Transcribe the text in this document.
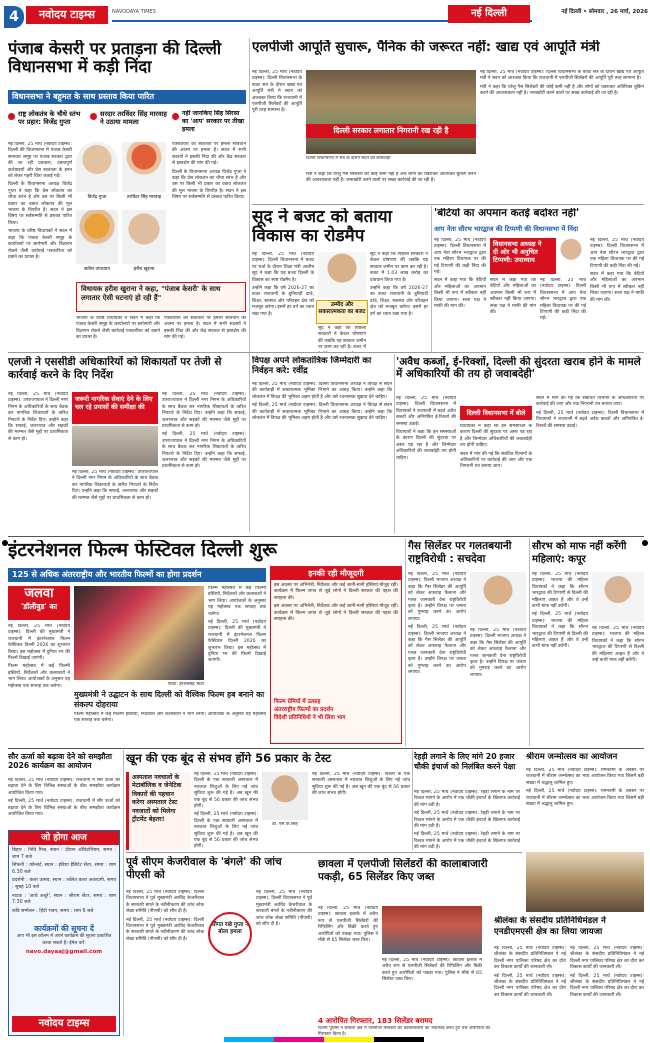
4	नवोदय टाइम्स	NAVODAYA TIMES	नई दिल्ली	नई दिल्ली • सोमवार , 26 मार्च, 2026
पंजाब केसरी पर प्रताड़ना की दिल्ली विधानसभा में कड़ी निंदा
विधानसभा ने बहुमत के साथ प्रस्ताव किया पारित
राष्ट्र लोकतंत्र के चौथे स्तंभ पर प्रहार: विजेंद्र गुप्ता
सरदार तरविंदर सिंह मारवाह ने उठाया मामला
नहीं जानकिए सिंह सिरसा का 'आप' सरकार पर तीखा हमला

नई दिल्ली, 25 मार्च (नवोदय टाइम्स): दिल्ली की विधानसभा में पंजाब केसरी समाचार समूह पर पंजाब सरकार द्वारा की जा रही प्रताड़ना, दबावपूर्ण कार्रवाइयों और प्रेस स्वतंत्रता के हनन को लेकर गहरी चिंता जताई गई।

दिल्ली के विधानसभा अध्यक्ष विजेंद्र गुप्ता ने कहा कि प्रेस लोकतंत्र का चौथा स्तंभ है और उस पर किसी भी प्रकार का दबाव लोकतंत्र की मूल भावना के विपरीत है। सदन ने इस विषय पर सर्वसम्मति से प्रस्ताव पारित किया।

भाजपा के वरिष्ठ विधायकों ने सदन में कहा कि पंजाब केसरी समूह के कार्यालयों पर छापेमारी और विज्ञापन रोकने जैसी कार्रवाई पत्रकारिता को दबाने का प्रयास है।

विजेंद्र गुप्ता	तरविंदर सिंह मारवाह
सतीश उपाध्याय	हरीश खुराना

पत्रकारिता की स्वतंत्रता पर हमला संविधान की आत्मा पर हमला है। सदन में सभी सदस्यों ने इसकी निंदा की और केंद्र सरकार से हस्तक्षेप की मांग की गई।

दिल्ली के विधानसभा अध्यक्ष विजेंद्र गुप्ता ने कहा कि प्रेस लोकतंत्र का चौथा स्तंभ है और उस पर किसी भी प्रकार का दबाव लोकतंत्र की मूल भावना के विपरीत है। सदन ने इस विषय पर सर्वसम्मति से प्रस्ताव पारित किया।

विधायक हरीश खुराना ने कहा, "पंजाब केसरी' के साथ लगातार ऐसी घटनाएं हो रही हैं"

भाजपा के वरिष्ठ विधायकों ने सदन में कहा कि पंजाब केसरी समूह के कार्यालयों पर छापेमारी और विज्ञापन रोकने जैसी कार्रवाई पत्रकारिता को दबाने का प्रयास है।

पत्रकारिता की स्वतंत्रता पर हमला संविधान की आत्मा पर हमला है। सदन में सभी सदस्यों ने इसकी निंदा की और केंद्र सरकार से हस्तक्षेप की मांग की गई।

एलपीजी आपूर्ति सुचारू, पैनिक की जरूरत नहीं: खाद्य एवं आपूर्ति मंत्री

नई दिल्ली, 25 मार्च (नवोदय टाइम्स): दिल्ली विधानसभा के बजट सत्र के दौरान खाद्य एवं आपूर्ति मंत्री ने सदन को आश्वस्त किया कि राजधानी में एलपीजी सिलेंडरों की आपूर्ति पूरी तरह सामान्य है।

दिल्ली सरकार लगातार निगरानी रख रही है
दिल्ली विधानसभा में सत्र के दौरान सदन की कार्यवाही

मंत्री ने कहा कि घरेलू गैस सिलेंडरों की कोई कमी नहीं है और लोगों को घबराकर अतिरिक्त बुकिंग करने की आवश्यकता नहीं है। जमाखोरी करने वालों पर सख्त कार्रवाई की जा रही है।

नई दिल्ली, 25 मार्च (नवोदय टाइम्स): दिल्ली विधानसभा के बजट सत्र के दौरान खाद्य एवं आपूर्ति मंत्री ने सदन को आश्वस्त किया कि राजधानी में एलपीजी सिलेंडरों की आपूर्ति पूरी तरह सामान्य है।

मंत्री ने कहा कि घरेलू गैस सिलेंडरों की कोई कमी नहीं है और लोगों को घबराकर अतिरिक्त बुकिंग करने की आवश्यकता नहीं है। जमाखोरी करने वालों पर सख्त कार्रवाई की जा रही है।

सूद ने बजट को बताया विकास का रोडमैप

नई दिल्ली, 25 मार्च (नवोदय टाइम्स): दिल्ली विधानसभा में बजट पर चर्चा के दौरान शिक्षा मंत्री आशीष सूद ने कहा कि यह बजट दिल्ली के विकास का स्पष्ट रोडमैप है।

उन्होंने कहा कि वर्ष 2026-27 का बजट राजधानी के बुनियादी ढांचे, शिक्षा, स्वास्थ्य और परिवहन क्षेत्र को मजबूत करेगा। इसमें हर वर्ग का ध्यान रखा गया है।

उम्मीद और सकारात्मकता का बजट

सूद ने कहा कि पिछली सरकारों ने केवल घोषणाएं कीं जबकि यह सरकार जमीन पर काम कर रही है। बजट में

सूद ने कहा कि पिछली सरकारों ने केवल घोषणाएं कीं जबकि यह सरकार जमीन पर काम कर रही है। बजट में 1.03 लाख करोड़ का प्रावधान किया गया है।

उन्होंने कहा कि वर्ष 2026-27 का बजट राजधानी के बुनियादी ढांचे, शिक्षा, स्वास्थ्य और परिवहन क्षेत्र को मजबूत करेगा। इसमें हर वर्ग का ध्यान रखा गया है।

'बेटियों का अपमान कतई बर्दाश्त नहीं'
आप नेता सौरभ भारद्वाज की टिप्पणी की विधानसभा में निंदा

नई दिल्ली, 25 मार्च (नवोदय टाइम्स): दिल्ली विधानसभा में आप नेता सौरभ भारद्वाज द्वारा एक महिला विधायक पर की गई टिप्पणी की कड़ी निंदा की गई।

सदन में कहा गया कि बेटियों और महिलाओं का अपमान किसी भी रूप में स्वीकार नहीं किया जाएगा। सत्ता पक्ष ने माफी की मांग की।

विधानसभा अध्यक्ष ने दी ओर भी अनुचित टिप्पणी: उपाध्याय

सदन में कहा गया कि बेटियों और महिलाओं का अपमान किसी भी रूप में स्वीकार नहीं किया जाएगा। सत्ता पक्ष ने माफी की मांग की।

नई दिल्ली, 25 मार्च (नवोदय टाइम्स): दिल्ली विधानसभा में आप नेता सौरभ भारद्वाज द्वारा एक महिला विधायक पर की गई टिप्पणी की कड़ी निंदा की गई।

नई दिल्ली, 25 मार्च (नवोदय टाइम्स): दिल्ली विधानसभा में आप नेता सौरभ भारद्वाज द्वारा एक महिला विधायक पर की गई टिप्पणी की कड़ी निंदा की गई।

सदन में कहा गया कि बेटियों और महिलाओं का अपमान किसी भी रूप में स्वीकार नहीं किया जाएगा। सत्ता पक्ष ने माफी की मांग की।

विपक्ष अपने लोकतांत्रिक जिम्मेदारी का निर्वहन करे: रवींद्र

नई दिल्ली, 25 मार्च (नवोदय टाइम्स): दिल्ली विधानसभा अध्यक्ष ने विपक्ष से सदन की कार्यवाही में सकारात्मक भूमिका निभाने का आग्रह किया। उन्होंने कहा कि लोकतंत्र में विपक्ष की भूमिका अहम होती है और उसे रचनात्मक सुझाव देने चाहिए।

नई दिल्ली, 25 मार्च (नवोदय टाइम्स): दिल्ली विधानसभा अध्यक्ष ने विपक्ष से सदन की कार्यवाही में सकारात्मक भूमिका निभाने का आग्रह किया। उन्होंने कहा कि लोकतंत्र में विपक्ष की भूमिका अहम होती है और उसे रचनात्मक सुझाव देने चाहिए।

'अवैध कब्जों, ई-रिक्शों, दिल्ली की सुंदरता खराब होने के मामले में अधिकारियों की तय हो जवाबदेही'

नई दिल्ली, 25 मार्च (नवोदय टाइम्स): दिल्ली विधानसभा में विधायकों ने राजधानी में बढ़ते अवैध कब्जों और अनियंत्रित ई-रिक्शों की समस्या उठाई।

विधायकों ने कहा कि इन समस्याओं के कारण दिल्ली की सुंदरता पर असर पड़ रहा है और जिम्मेदार अधिकारियों की जवाबदेही तय होनी चाहिए।

दिल्ली विधानसभा में बोले

विधायकों ने कहा कि इन समस्याओं के कारण दिल्ली की सुंदरता पर असर पड़ रहा है और जिम्मेदार अधिकारियों की जवाबदेही तय होनी चाहिए।

सदन में मांग की गई कि संबंधित विभागों के अधिकारियों पर कार्रवाई की जाए और एक निगरानी तंत्र बनाया जाए।

सदन में मांग की गई कि संबंधित विभागों के अधिकारियों पर कार्रवाई की जाए और एक निगरानी तंत्र बनाया जाए।

नई दिल्ली, 25 मार्च (नवोदय टाइम्स): दिल्ली विधानसभा में विधायकों ने राजधानी में बढ़ते अवैध कब्जों और अनियंत्रित ई-रिक्शों की समस्या उठाई।

एलजी ने एससीडी अधिकारियों को शिकायतों पर तेजी से कार्रवाई करने के दिए निर्देश

नई दिल्ली, 25 मार्च (नवोदय टाइम्स): उपराज्यपाल ने दिल्ली नगर निगम के अधिकारियों के साथ बैठक कर नागरिक शिकायतों के त्वरित निपटारे के निर्देश दिए। उन्होंने कहा कि सफाई, जलभराव और सड़कों की मरम्मत जैसे मुद्दों पर प्राथमिकता से काम हो।

जरूरी नागरिक सेवाएं देने के लिए चल रहे प्रयासों की समीक्षा की

नई दिल्ली, 25 मार्च (नवोदय टाइम्स): उपराज्यपाल ने दिल्ली नगर निगम के अधिकारियों के साथ बैठक कर नागरिक शिकायतों के त्वरित निपटारे के निर्देश दिए। उन्होंने कहा कि सफाई, जलभराव और सड़कों की मरम्मत जैसे मुद्दों पर प्राथमिकता से काम हो।

नई दिल्ली, 25 मार्च (नवोदय टाइम्स): उपराज्यपाल ने दिल्ली नगर निगम के अधिकारियों के साथ बैठक कर नागरिक शिकायतों के त्वरित निपटारे के निर्देश दिए। उन्होंने कहा कि सफाई, जलभराव और सड़कों की मरम्मत जैसे मुद्दों पर प्राथमिकता से काम हो।

नई दिल्ली, 25 मार्च (नवोदय टाइम्स): उपराज्यपाल ने दिल्ली नगर निगम के अधिकारियों के साथ बैठक कर नागरिक शिकायतों के त्वरित निपटारे के निर्देश दिए। उन्होंने कहा कि सफाई, जलभराव और सड़कों की मरम्मत जैसे मुद्दों पर प्राथमिकता से काम हो।

इंटरनेशनल फिल्म फेस्टिवल दिल्ली शुरू
125 से अधिक अंतरराष्ट्रीय और भारतीय फिल्मों का होगा प्रदर्शन
जलवा
'डॉलीवुड' का

नई दिल्ली, 25 मार्च (नवोदय टाइम्स): दिल्ली की मुख्यमंत्री ने राजधानी में इंटरनेशनल फिल्म फेस्टिवल दिल्ली 2026 का शुभारंभ किया। इस महोत्सव में दुनिया भर की फिल्में दिखाई जाएंगी।

फिल्म महोत्सव में कई फिल्मी हस्तियों, निर्देशकों और कलाकारों ने भाग लिया। आयोजकों के अनुसार यह महोत्सव एक सप्ताह तक चलेगा।	फोटो: हरीशसिंह भाटी

फिल्म महोत्सव में कई फिल्मी हस्तियों, निर्देशकों और कलाकारों ने भाग लिया। आयोजकों के अनुसार यह महोत्सव एक सप्ताह तक चलेगा।

नई दिल्ली, 25 मार्च (नवोदय टाइम्स): दिल्ली की मुख्यमंत्री ने राजधानी में इंटरनेशनल फिल्म फेस्टिवल दिल्ली 2026 का शुभारंभ किया। इस महोत्सव में दुनिया भर की फिल्में दिखाई जाएंगी।

मुख्यमंत्री ने उद्घाटन के साथ दिल्ली को वैश्विक फिल्म हब बनाने का संकल्प दोहराया

फिल्म महोत्सव में कई फिल्मी हस्तियों, निर्देशकों और कलाकारों ने भाग लिया। आयोजकों के अनुसार यह महोत्सव एक सप्ताह तक चलेगा।

इनकी रही मौजूदगी

इस अवसर पर अभिनेत्री, निर्देशक और कई जानी-मानी हस्तियां मौजूद रहीं। कार्यक्रम में फिल्म जगत से जुड़े लोगों ने दिल्ली सरकार की पहल की सराहना की।

इस अवसर पर अभिनेत्री, निर्देशक और कई जानी-मानी हस्तियां मौजूद रहीं। कार्यक्रम में फिल्म जगत से जुड़े लोगों ने दिल्ली सरकार की पहल की सराहना की।

फिल्म प्रेमियों में उत्साह
अंतरराष्ट्रीय फिल्मों का प्रदर्शन
विदेशी प्रतिनिधियों ने भी लिया भाग
गैस सिलेंडर पर गलतबयानी राष्ट्रविरोधी : सचदेवा

नई दिल्ली, 25 मार्च (नवोदय टाइम्स): दिल्ली भाजपा अध्यक्ष ने कहा कि गैस सिलेंडर की आपूर्ति को लेकर अफवाह फैलाना और गलत जानकारी देना राष्ट्रविरोधी कृत्य है। उन्होंने विपक्ष पर जनता को गुमराह करने का आरोप लगाया।

नई दिल्ली, 25 मार्च (नवोदय टाइम्स): दिल्ली भाजपा अध्यक्ष ने कहा कि गैस सिलेंडर की आपूर्ति को लेकर अफवाह फैलाना और गलत जानकारी देना राष्ट्रविरोधी कृत्य है। उन्होंने विपक्ष पर जनता को गुमराह करने का आरोप लगाया।

नई दिल्ली, 25 मार्च (नवोदय टाइम्स): दिल्ली भाजपा अध्यक्ष ने कहा कि गैस सिलेंडर की आपूर्ति को लेकर अफवाह फैलाना और गलत जानकारी देना राष्ट्रविरोधी कृत्य है। उन्होंने विपक्ष पर जनता को गुमराह करने का आरोप लगाया।

सौरभ को माफ नहीं करेंगी महिलाएं: कपूर

नई दिल्ली, 25 मार्च (नवोदय टाइम्स): भाजपा की महिला विधायकों ने कहा कि सौरभ भारद्वाज की टिप्पणी से दिल्ली की महिलाएं आहत हैं और वे उन्हें कभी माफ नहीं करेंगी।

नई दिल्ली, 25 मार्च (नवोदय टाइम्स): भाजपा की महिला विधायकों ने कहा कि सौरभ भारद्वाज की टिप्पणी से दिल्ली की महिलाएं आहत हैं और वे उन्हें कभी माफ नहीं करेंगी।

नई दिल्ली, 25 मार्च (नवोदय टाइम्स): भाजपा की महिला विधायकों ने कहा कि सौरभ भारद्वाज की टिप्पणी से दिल्ली की महिलाएं आहत हैं और वे उन्हें कभी माफ नहीं करेंगी।

सौर ऊर्जा को बढ़ावा देने को समझौता 2026 कार्यक्रम का आयोजन

नई दिल्ली, 25 मार्च (नवोदय टाइम्स): राजधानी में सौर ऊर्जा को बढ़ावा देने के लिए विभिन्न संस्थाओं के बीच समझौता कार्यक्रम आयोजित किया गया।

नई दिल्ली, 25 मार्च (नवोदय टाइम्स): राजधानी में सौर ऊर्जा को बढ़ावा देने के लिए विभिन्न संस्थाओं के बीच समझौता कार्यक्रम आयोजित किया गया।

जो होगा आज
बिहार : निधि मिश्र, स्थान : दीवान ऑडिटोरियम, समय : शाम 7 बजे
सिंफनी : कॉन्सर्ट, स्थान : इंडिया हैबिटेट सेंटर, समय : शाम 6.30 बजे
प्रदर्शनी : कला उत्सव, स्थान : ललित कला अकादमी, समय : सुबह 10 बजे
नाटक : 'आधे अधूरे', स्थान : श्रीराम सेंटर, समय : शाम 7.30 बजे
कवि सम्मेलन : हिंदी भवन, समय : शाम 6 बजे
कार्यक्रमों की सूचना दें
आप भी इस कॉलम में अपने कार्यक्रम की सूचना प्रकाशित करवा सकते हैं। ईमेल करें:
navo.dayaaj@gmail.com
नवोदय टाइम्स
खून की एक बूंद से संभव होंगे 56 प्रकार के टेस्ट
अस्पताल नवचालों के मेटाबॉलिक व जेनेटिक विकारों की पहचान करेगा अस्पताल टेस्ट नवजातों को मिलेगा ट्रीटमेंट बेहतर!

नई दिल्ली, 25 मार्च (नवोदय टाइम्स): दिल्ली के एक सरकारी अस्पताल में नवजात शिशुओं के लिए नई जांच सुविधा शुरू की गई है। अब खून की एक बूंद से 56 प्रकार की जांच संभव होगी।

नई दिल्ली, 25 मार्च (नवोदय टाइम्स): दिल्ली के एक सरकारी अस्पताल में नवजात शिशुओं के लिए नई जांच सुविधा शुरू की गई है। अब खून की एक बूंद से 56 प्रकार की जांच संभव होगी।

डॉ. एस.के.सिंह

नई दिल्ली, 25 मार्च (नवोदय टाइम्स): दिल्ली के एक सरकारी अस्पताल में नवजात शिशुओं के लिए नई जांच सुविधा शुरू की गई है। अब खून की एक बूंद से 56 प्रकार की जांच संभव होगी।

रेहड़ी लगाने के लिए मांगे 20 हजार चौकी इंचार्ज को निलंबित करने पेक्षा

नई दिल्ली, 25 मार्च (नवोदय टाइम्स): रेहड़ी लगाने के नाम पर रिश्वत मांगने के आरोप में एक चौकी इंचार्ज के खिलाफ कार्रवाई की मांग उठी है।

नई दिल्ली, 25 मार्च (नवोदय टाइम्स): रेहड़ी लगाने के नाम पर रिश्वत मांगने के आरोप में एक चौकी इंचार्ज के खिलाफ कार्रवाई की मांग उठी है।

नई दिल्ली, 25 मार्च (नवोदय टाइम्स): रेहड़ी लगाने के नाम पर रिश्वत मांगने के आरोप में एक चौकी इंचार्ज के खिलाफ कार्रवाई की मांग उठी है।

श्रीराम जन्मोत्सव का आयोजन

नई दिल्ली, 25 मार्च (नवोदय टाइम्स): रामनवमी के अवसर पर राजधानी में श्रीराम जन्मोत्सव का भव्य आयोजन किया गया जिसमें बड़ी संख्या में श्रद्धालु शामिल हुए।

नई दिल्ली, 25 मार्च (नवोदय टाइम्स): रामनवमी के अवसर पर राजधानी में श्रीराम जन्मोत्सव का भव्य आयोजन किया गया जिसमें बड़ी संख्या में श्रद्धालु शामिल हुए।

पूर्व सीएम केजरीवाल के 'बंगले' की जांच पीएसी को

नई दिल्ली, 25 मार्च (नवोदय टाइम्स): दिल्ली विधानसभा ने पूर्व मुख्यमंत्री अरविंद केजरीवाल के सरकारी बंगले के नवीनीकरण की जांच लोक लेखा समिति (पीएसी) को सौंप दी है।

नई दिल्ली, 25 मार्च (नवोदय टाइम्स): दिल्ली विधानसभा ने पूर्व मुख्यमंत्री अरविंद केजरीवाल के सरकारी बंगले के नवीनीकरण की जांच लोक लेखा समिति (पीएसी) को सौंप दी है।

सौगत रखे गुप्ता ने बोला हमला

नई दिल्ली, 25 मार्च (नवोदय टाइम्स): दिल्ली विधानसभा ने पूर्व मुख्यमंत्री अरविंद केजरीवाल के सरकारी बंगले के नवीनीकरण की जांच लोक लेखा समिति (पीएसी) को सौंप दी है।

छावला में एलपीजी सिलेंडरों की कालाबाजारी पकड़ी, 65 सिलेंडर किए जब्त

नई दिल्ली, 25 मार्च (नवोदय टाइम्स): छावला इलाके में अवैध रूप से एलपीजी सिलेंडरों की रिफिलिंग और बिक्री करते हुए आरोपितों को पकड़ा गया। पुलिस ने मौके से 65 सिलेंडर जब्त किए।

नई दिल्ली, 25 मार्च (नवोदय टाइम्स): छावला इलाके में अवैध रूप से एलपीजी सिलेंडरों की रिफिलिंग और बिक्री करते हुए आरोपितों को पकड़ा गया। पुलिस ने मौके से 65 सिलेंडर जब्त किए।

4 आरोपित गिरफ्तार, 183 सिलेंडर बरामद
दिल्ली पुलिस ने छावला क्षेत्र में एलपीजी सिलेंडरों की कालाबाजारी का भंडाफोड़ करते हुए चार आरोपितों को गिरफ्तार किया है।
श्रीलंका के संसदीय प्रतिनिधिमंडल ने एनडीएमएसी क्षेत्र का लिया जायजा

नई दिल्ली, 25 मार्च (नवोदय टाइम्स): श्रीलंका के संसदीय प्रतिनिधिमंडल ने नई दिल्ली नगर पालिका परिषद क्षेत्र का दौरा कर विकास कार्यों की जानकारी ली।

नई दिल्ली, 25 मार्च (नवोदय टाइम्स): श्रीलंका के संसदीय प्रतिनिधिमंडल ने नई दिल्ली नगर पालिका परिषद क्षेत्र का दौरा कर विकास कार्यों की जानकारी ली।

नई दिल्ली, 25 मार्च (नवोदय टाइम्स): श्रीलंका के संसदीय प्रतिनिधिमंडल ने नई दिल्ली नगर पालिका परिषद क्षेत्र का दौरा कर विकास कार्यों की जानकारी ली।

नई दिल्ली, 25 मार्च (नवोदय टाइम्स): श्रीलंका के संसदीय प्रतिनिधिमंडल ने नई दिल्ली नगर पालिका परिषद क्षेत्र का दौरा कर विकास कार्यों की जानकारी ली।
